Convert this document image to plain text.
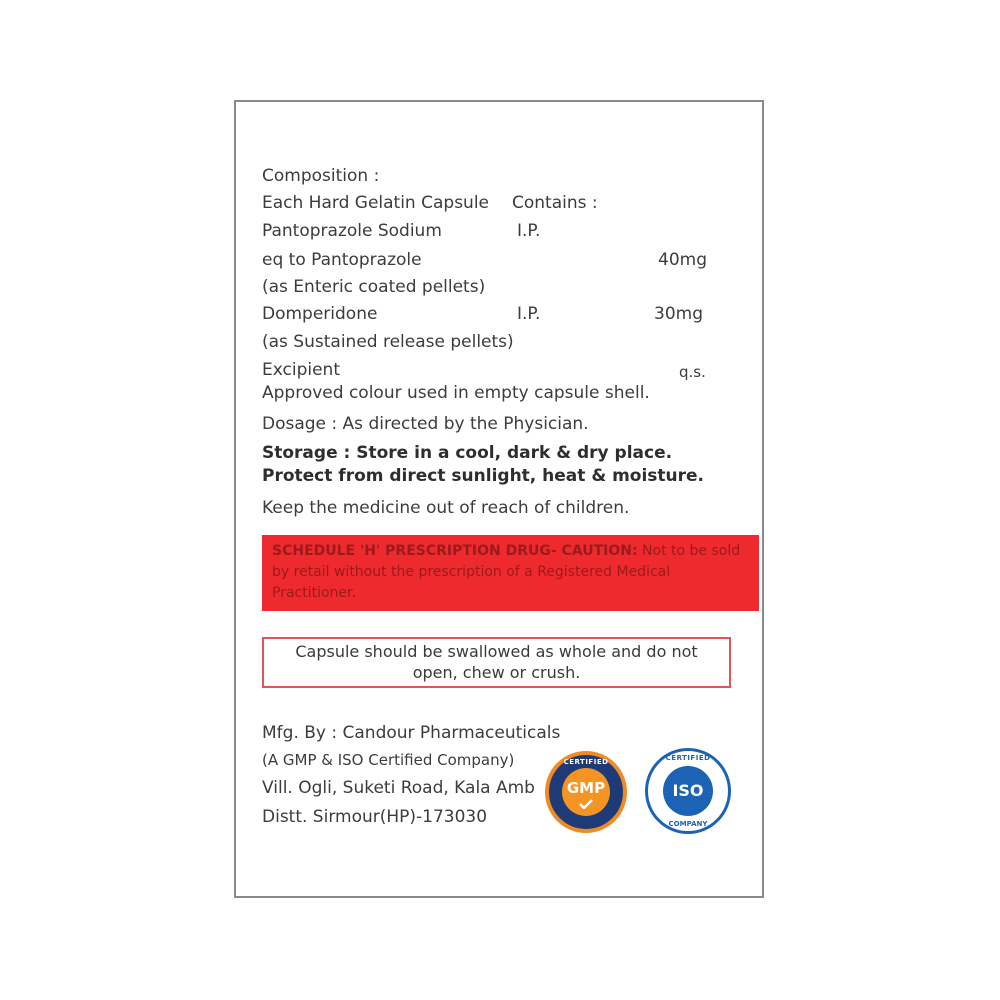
Composition :
Each Hard Gelatin Capsule Contains :
Pantoprazole Sodium	I.P.
eq to Pantoprazole	40mg
(as Enteric coated pellets)
Domperidone	I.P.	30mg
(as Sustained release pellets)
Excipient	q.s.
Approved colour used in empty capsule shell.
Dosage : As directed by the Physician.
Storage : Store in a cool, dark & dry place.
Protect from direct sunlight, heat & moisture.
Keep the medicine out of reach of children.
SCHEDULE 'H' PRESCRIPTION DRUG- CAUTION: Not to be sold by retail without the prescription of a Registered Medical Practitioner.
Capsule should be swallowed as whole and do not
open, chew or crush.
Mfg. By : Candour Pharmaceuticals
(A GMP & ISO Certified Company)
Vill. Ogli, Suketi Road, Kala Amb
Distt. Sirmour(HP)-173030
CERTIFIED
GMP
CERTIFIED
ISO
COMPANY
